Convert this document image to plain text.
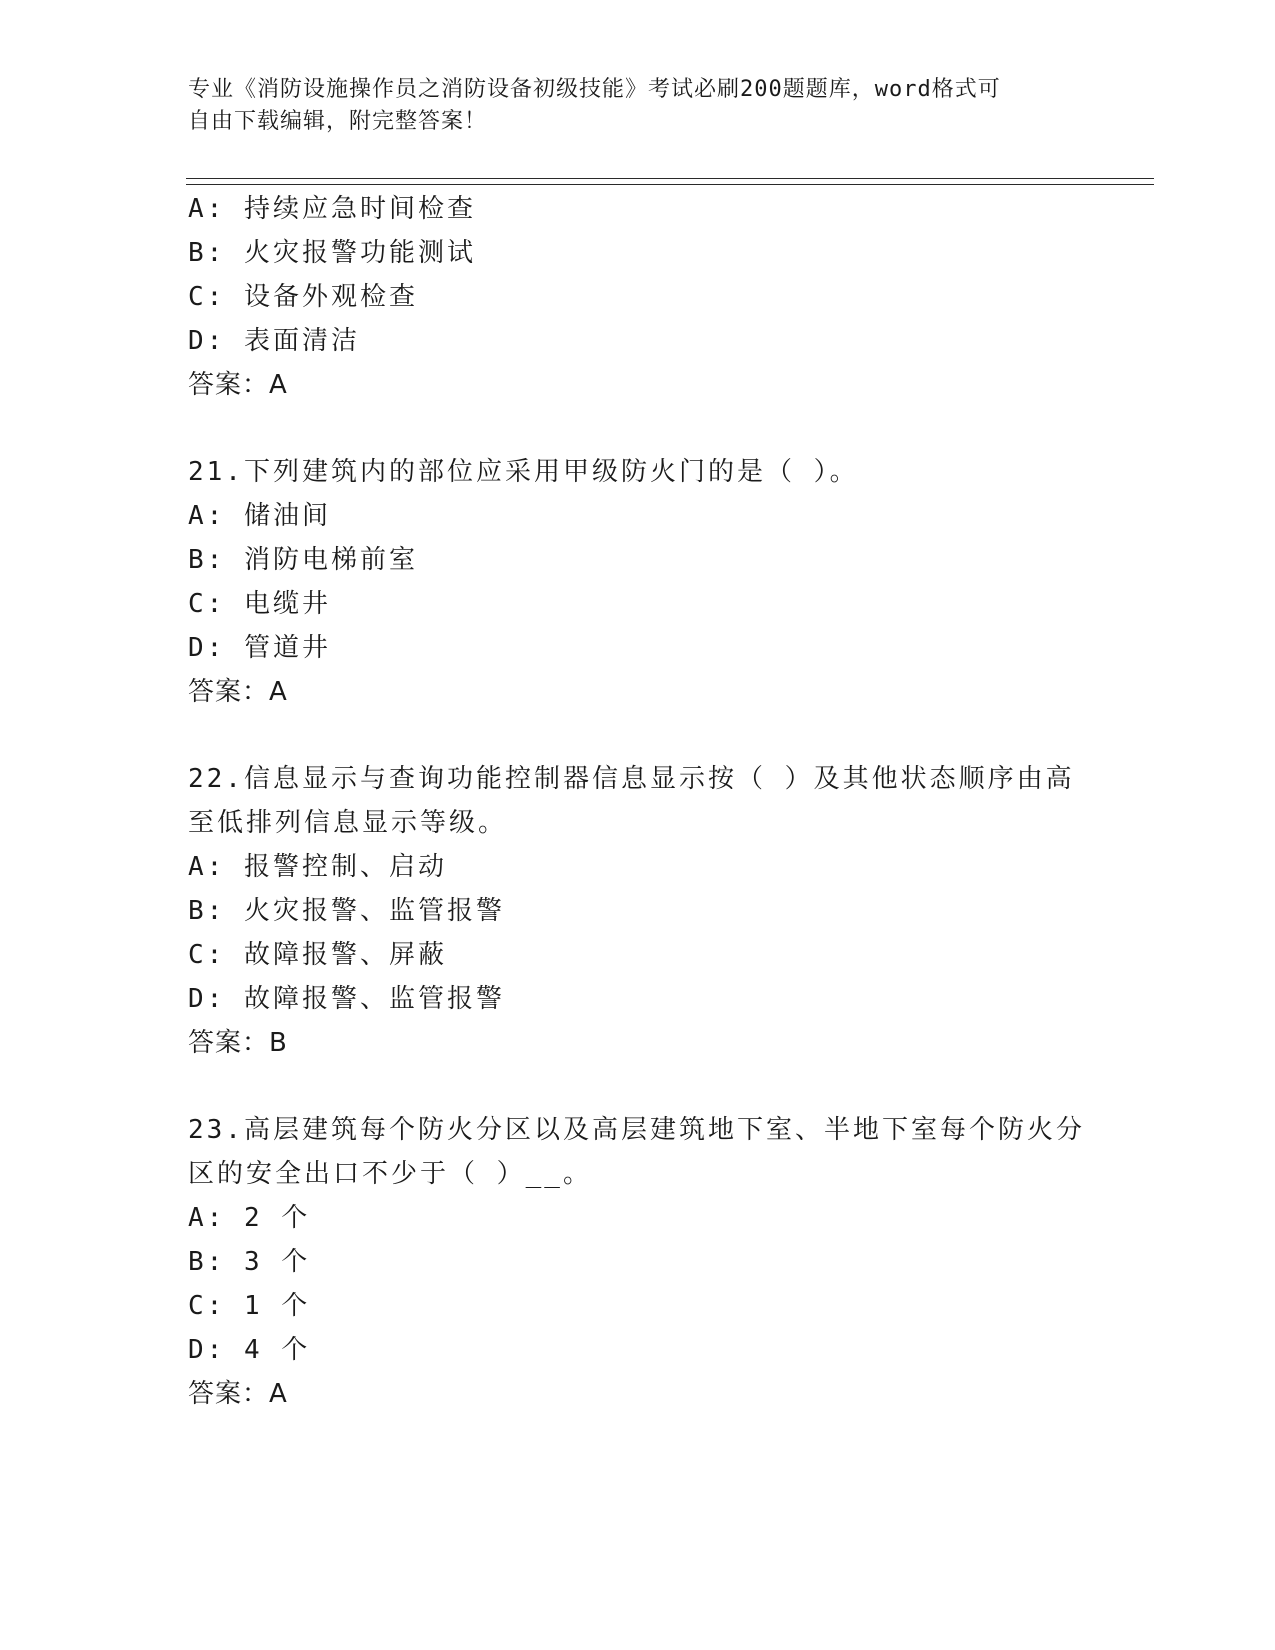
专业《消防设施操作员之消防设备初级技能》考试必刷200题题库，word格式可
自由下载编辑，附完整答案！
A: 持续应急时间检查
B: 火灾报警功能测试
C: 设备外观检查
D: 表面清洁
答案：A
21.下列建筑内的部位应采用甲级防火门的是（ ）。
A: 储油间
B: 消防电梯前室
C: 电缆井
D: 管道井
答案：A
22.信息显示与查询功能控制器信息显示按（ ）及其他状态顺序由高
至低排列信息显示等级。
A: 报警控制、启动
B: 火灾报警、监管报警
C: 故障报警、屏蔽
D: 故障报警、监管报警
答案：B
23.高层建筑每个防火分区以及高层建筑地下室、半地下室每个防火分
区的安全出口不少于（ ）__。
A: 2 个
B: 3 个
C: 1 个
D: 4 个
答案：A
